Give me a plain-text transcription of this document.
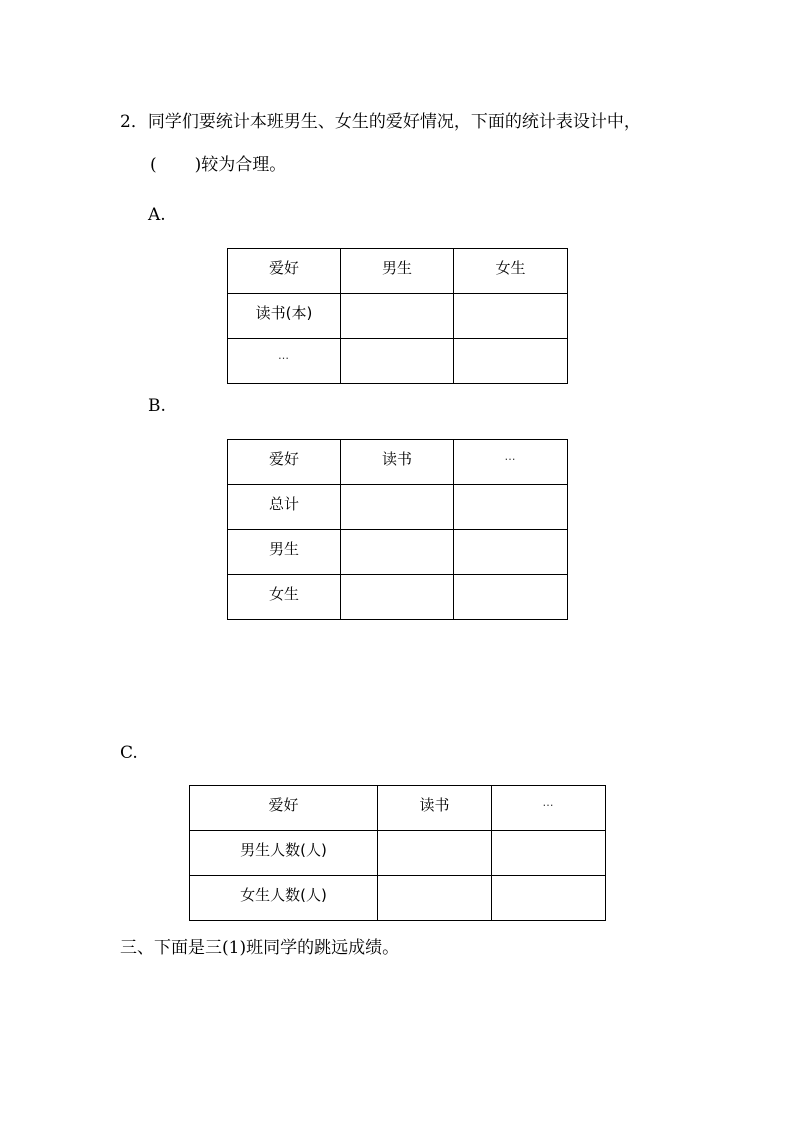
2．同学们要统计本班男生、女生的爱好情况，下面的统计表设计中，
( )较为合理。
A.
爱好	男生	女生
读书(本)		
…		
B.
爱好	读书	…
总计		
男生		
女生		
C.
爱好	读书	…
男生人数(人)		
女生人数(人)		
三、下面是三(1)班同学的跳远成绩。
